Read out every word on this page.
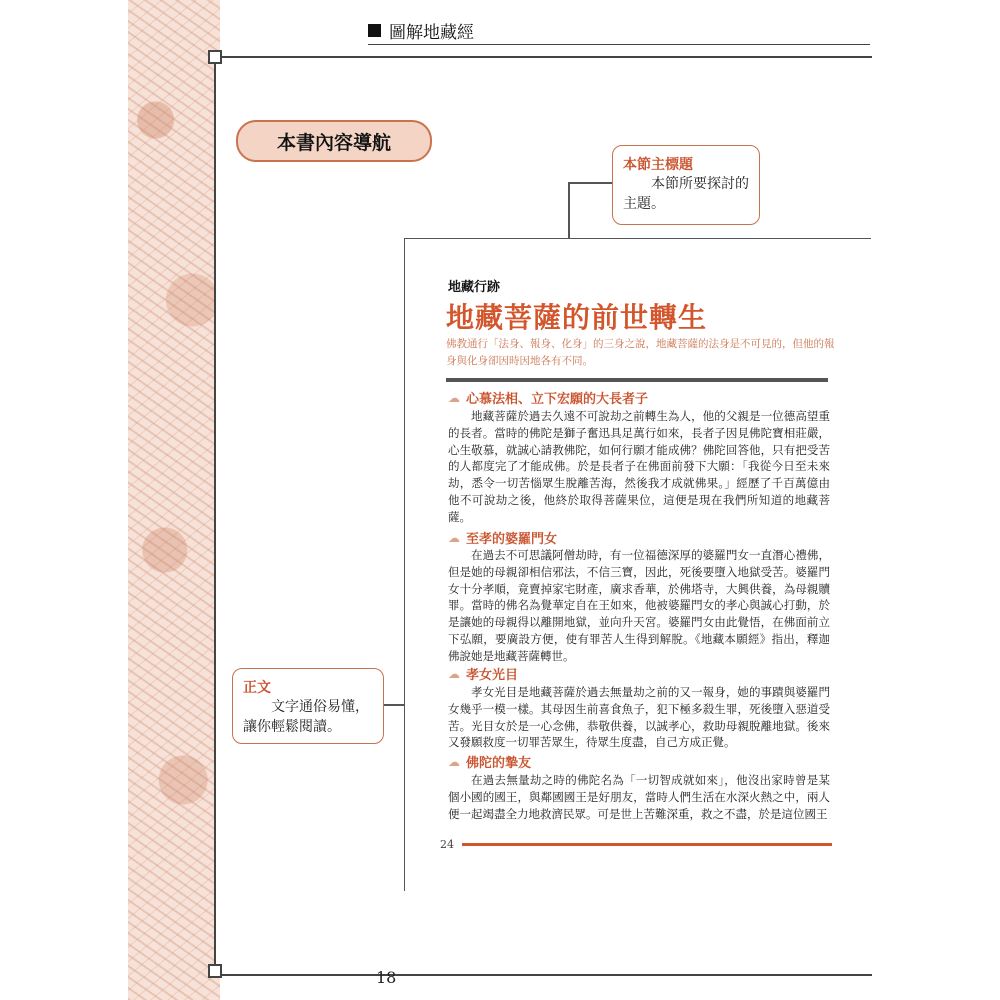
圖解地藏經
本書內容導航
本節主標題
本節所要探討的主題。
正文
文字通俗易懂，讓你輕鬆閱讀。
地藏行跡
地藏菩薩的前世轉生
佛教通行「法身、報身、化身」的三身之說，地藏菩薩的法身是不可見的，但他的報身與化身卻因時因地各有不同。
☁ 心慕法相、立下宏願的大長者子
地藏菩薩於過去久遠不可說劫之前轉生為人，他的父親是一位德高望重的長者。當時的佛陀是獅子奮迅具足萬行如來，長者子因見佛陀寶相莊嚴，心生敬慕，就誠心請教佛陀，如何行願才能成佛？佛陀回答他，只有把受苦的人都度完了才能成佛。於是長者子在佛面前發下大願：「我從今日至未來劫，悉令一切苦惱眾生脫離苦海，然後我才成就佛果。」經歷了千百萬億由他不可說劫之後，他終於取得菩薩果位，這便是現在我們所知道的地藏菩薩。
☁ 至孝的婆羅門女
在過去不可思議阿僧劫時，有一位福德深厚的婆羅門女一直潛心禮佛，但是她的母親卻相信邪法，不信三寶，因此，死後要墮入地獄受苦。婆羅門女十分孝順，竟賣掉家宅財產，廣求香華，於佛塔寺，大興供養，為母親贖罪。當時的佛名為覺華定自在王如來，他被婆羅門女的孝心與誠心打動，於是讓她的母親得以離開地獄，並向升天宮。婆羅門女由此覺悟，在佛面前立下弘願，要廣設方便，使有罪苦人生得到解脫。《地藏本願經》指出，釋迦佛說她是地藏菩薩轉世。
☁ 孝女光目
孝女光目是地藏菩薩於過去無量劫之前的又一報身，她的事蹟與婆羅門女幾乎一模一樣。其母因生前喜食魚子，犯下極多殺生罪，死後墮入惡道受苦。光目女於是一心念佛，恭敬供養，以誠孝心，救助母親脫離地獄。後來又發願救度一切罪苦眾生，待眾生度盡，自己方成正覺。
☁ 佛陀的摯友
在過去無量劫之時的佛陀名為「一切智成就如來」，他沒出家時曾是某個小國的國王，與鄰國國王是好朋友，當時人們生活在水深火熱之中，兩人便一起竭盡全力地救濟民眾。可是世上苦難深重，救之不盡，於是這位國王
24
18
